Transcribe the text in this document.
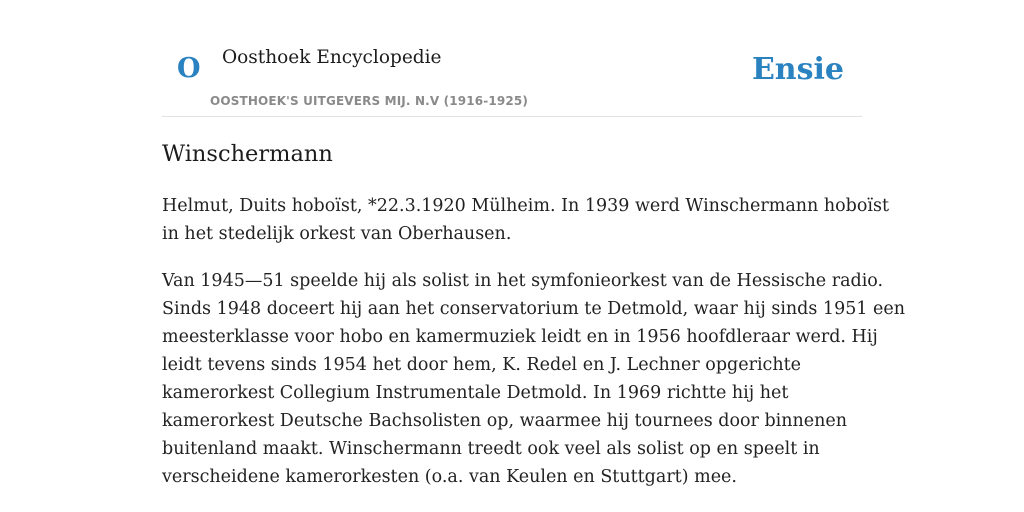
O Oosthoek Encyclopedie
OOSTHOEK'S UITGEVERS MIJ. N.V (1916-1925)
Ensie
Winschermann

Helmut, Duits hoboïst, *22.3.1920 Mülheim. In 1939 werd Winschermann hoboïst
in het stedelijk orkest van Oberhausen.

Van 1945—51 speelde hij als solist in het symfonieorkest van de Hessische radio.
Sinds 1948 doceert hij aan het conservatorium te Detmold, waar hij sinds 1951 een
meesterklasse voor hobo en kamermuziek leidt en in 1956 hoofdleraar werd. Hij
leidt tevens sinds 1954 het door hem, K. Redel en J. Lechner opgerichte
kamerorkest Collegium Instrumentale Detmold. In 1969 richtte hij het
kamerorkest Deutsche Bachsolisten op, waarmee hij tournees door binnenen
buitenland maakt. Winschermann treedt ook veel als solist op en speelt in
verscheidene kamerorkesten (o.a. van Keulen en Stuttgart) mee.
